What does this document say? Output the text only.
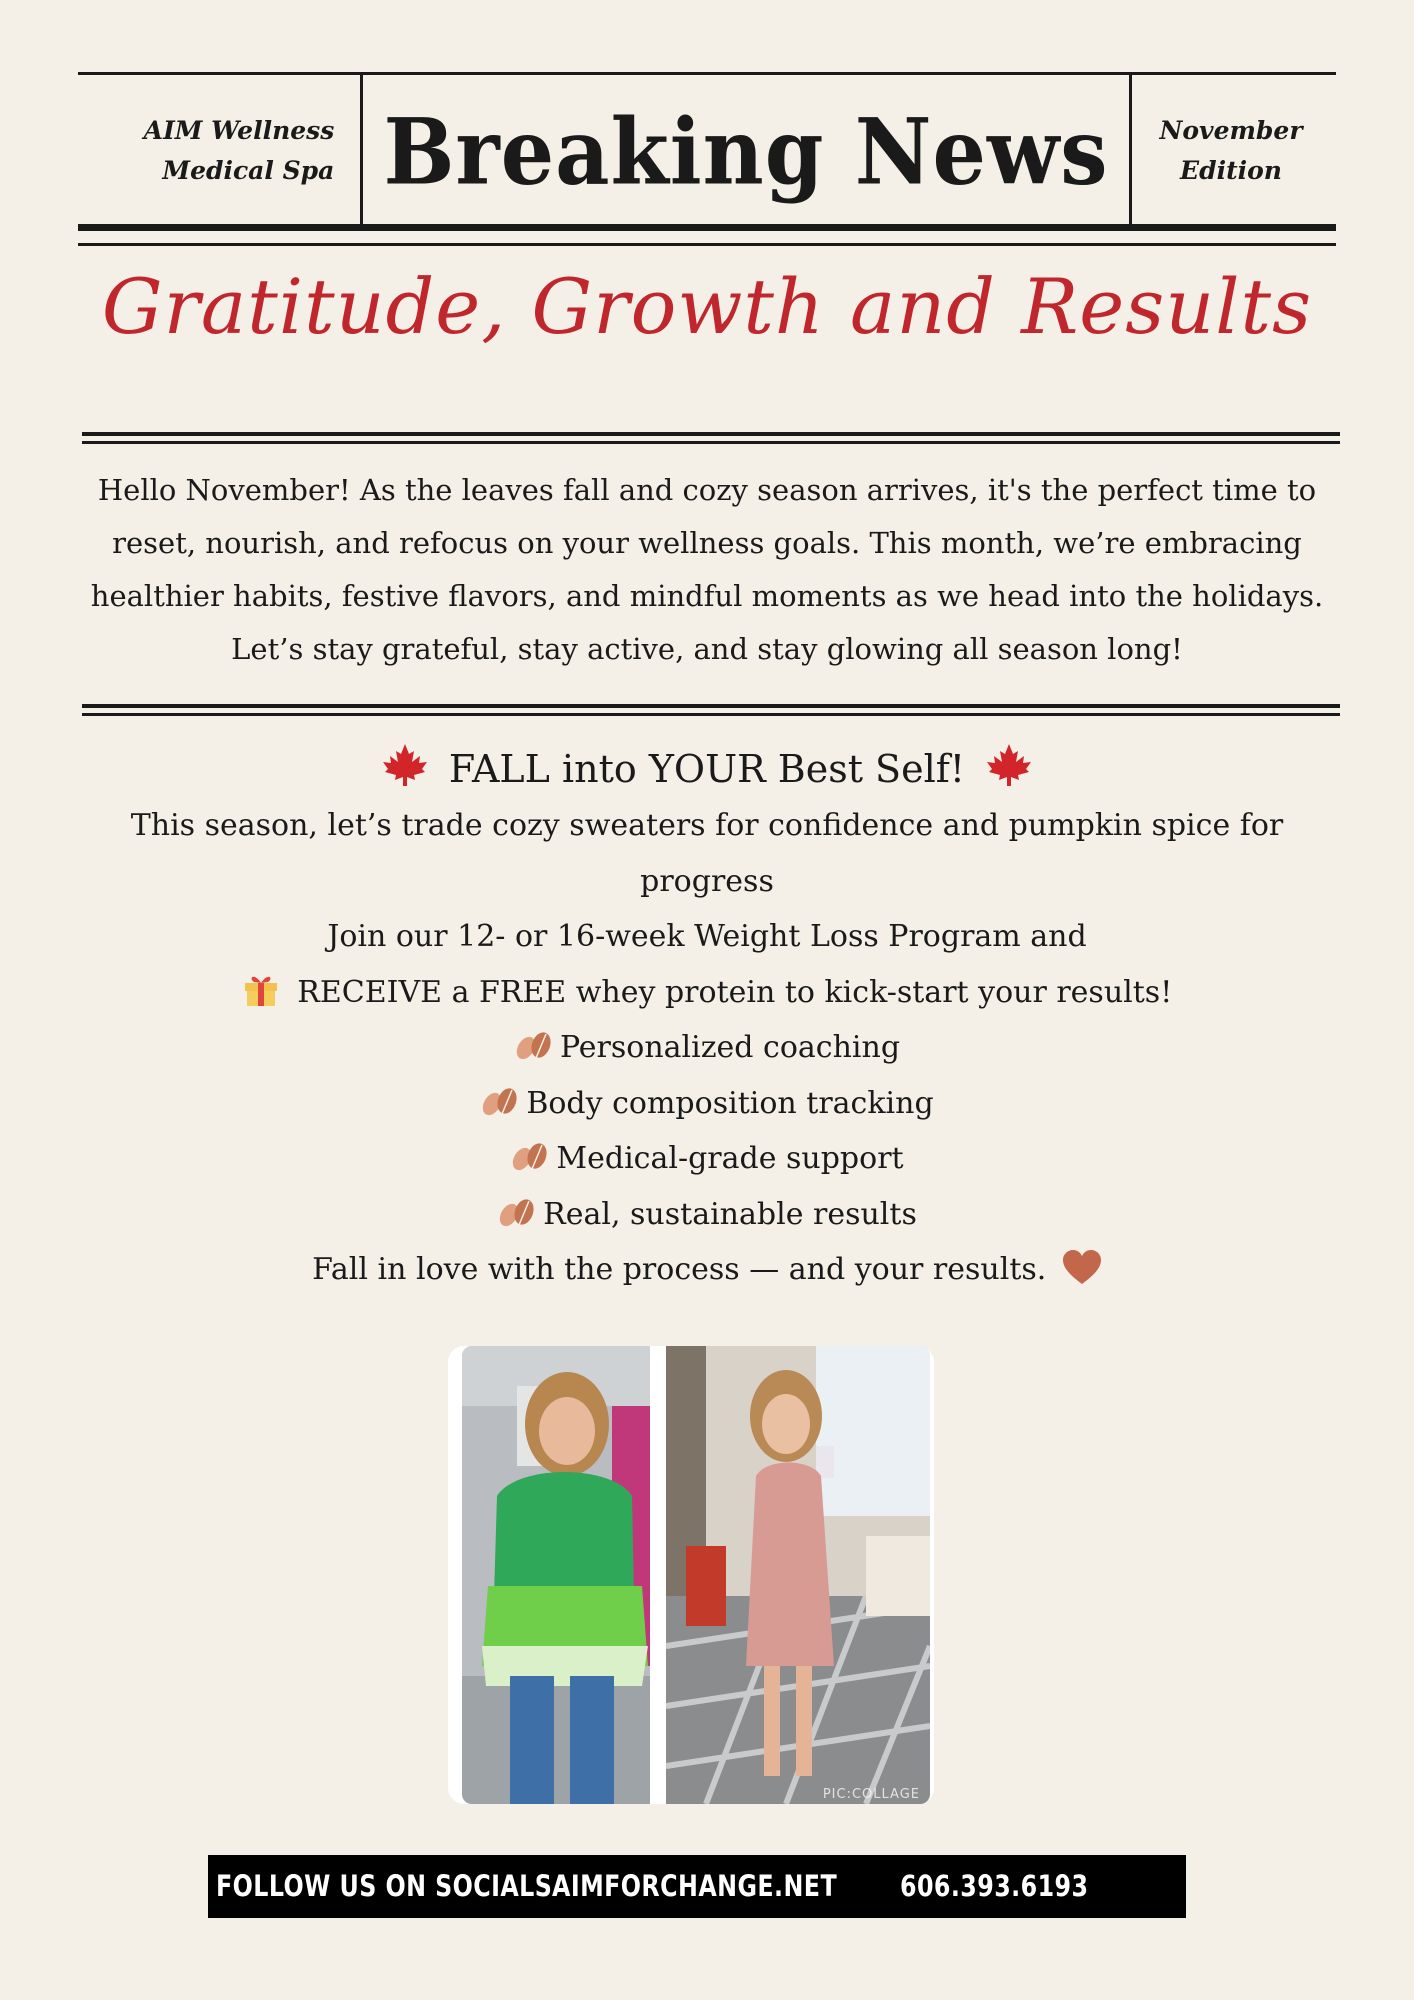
AIM Wellness
Medical Spa Breaking News November
Edition
Gratitude, Growth and Results
Hello November! As the leaves fall and cozy season arrives, it's the perfect time to
reset, nourish, and refocus on your wellness goals. This month, we’re embracing
healthier habits, festive flavors, and mindful moments as we head into the holidays.
Let’s stay grateful, stay active, and stay glowing all season long!
FALL into YOUR Best Self!
This season, let’s trade cozy sweaters for confidence and pumpkin spice for
progress
Join our 12- or 16-week Weight Loss Program and
RECEIVE a FREE whey protein to kick-start your results!
Personalized coaching
Body composition tracking
Medical-grade support
Real, sustainable results
Fall in love with the process — and your results.
PIC:COLLAGE
FOLLOW US ON SOCIALS AIMFORCHANGE.NET 606.393.6193
